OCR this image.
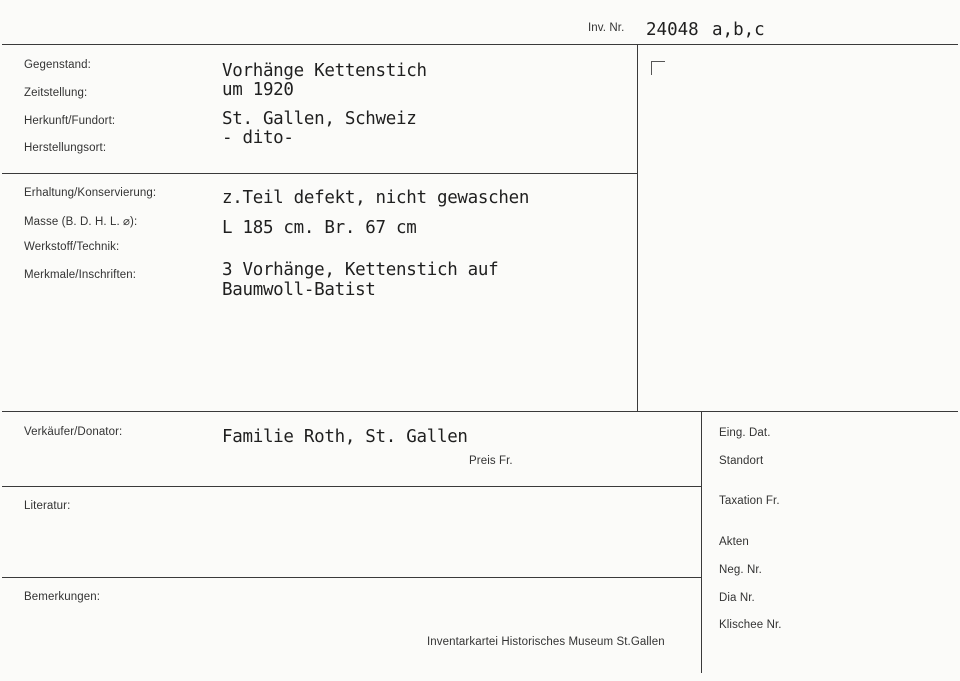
Inv. Nr. 24048 a,b,c
Gegenstand:
Zeitstellung:
Herkunft/Fundort:
Herstellungsort:
Vorhänge Kettenstich
um 1920
St. Gallen, Schweiz
- dito-
Erhaltung/Konservierung:
Masse (B. D. H. L. ⌀):
Werkstoff/Technik:
Merkmale/Inschriften:
z.Teil defekt, nicht gewaschen
L 185 cm. Br. 67 cm
3 Vorhänge, Kettenstich auf
Baumwoll-Batist
Verkäufer/Donator:	Familie Roth, St. Gallen
Preis Fr.
Literatur:
Bemerkungen:
Inventarkartei Historisches Museum St.Gallen
Eing. Dat.
Standort
Taxation Fr.
Akten
Neg. Nr.
Dia Nr.
Klischee Nr.
